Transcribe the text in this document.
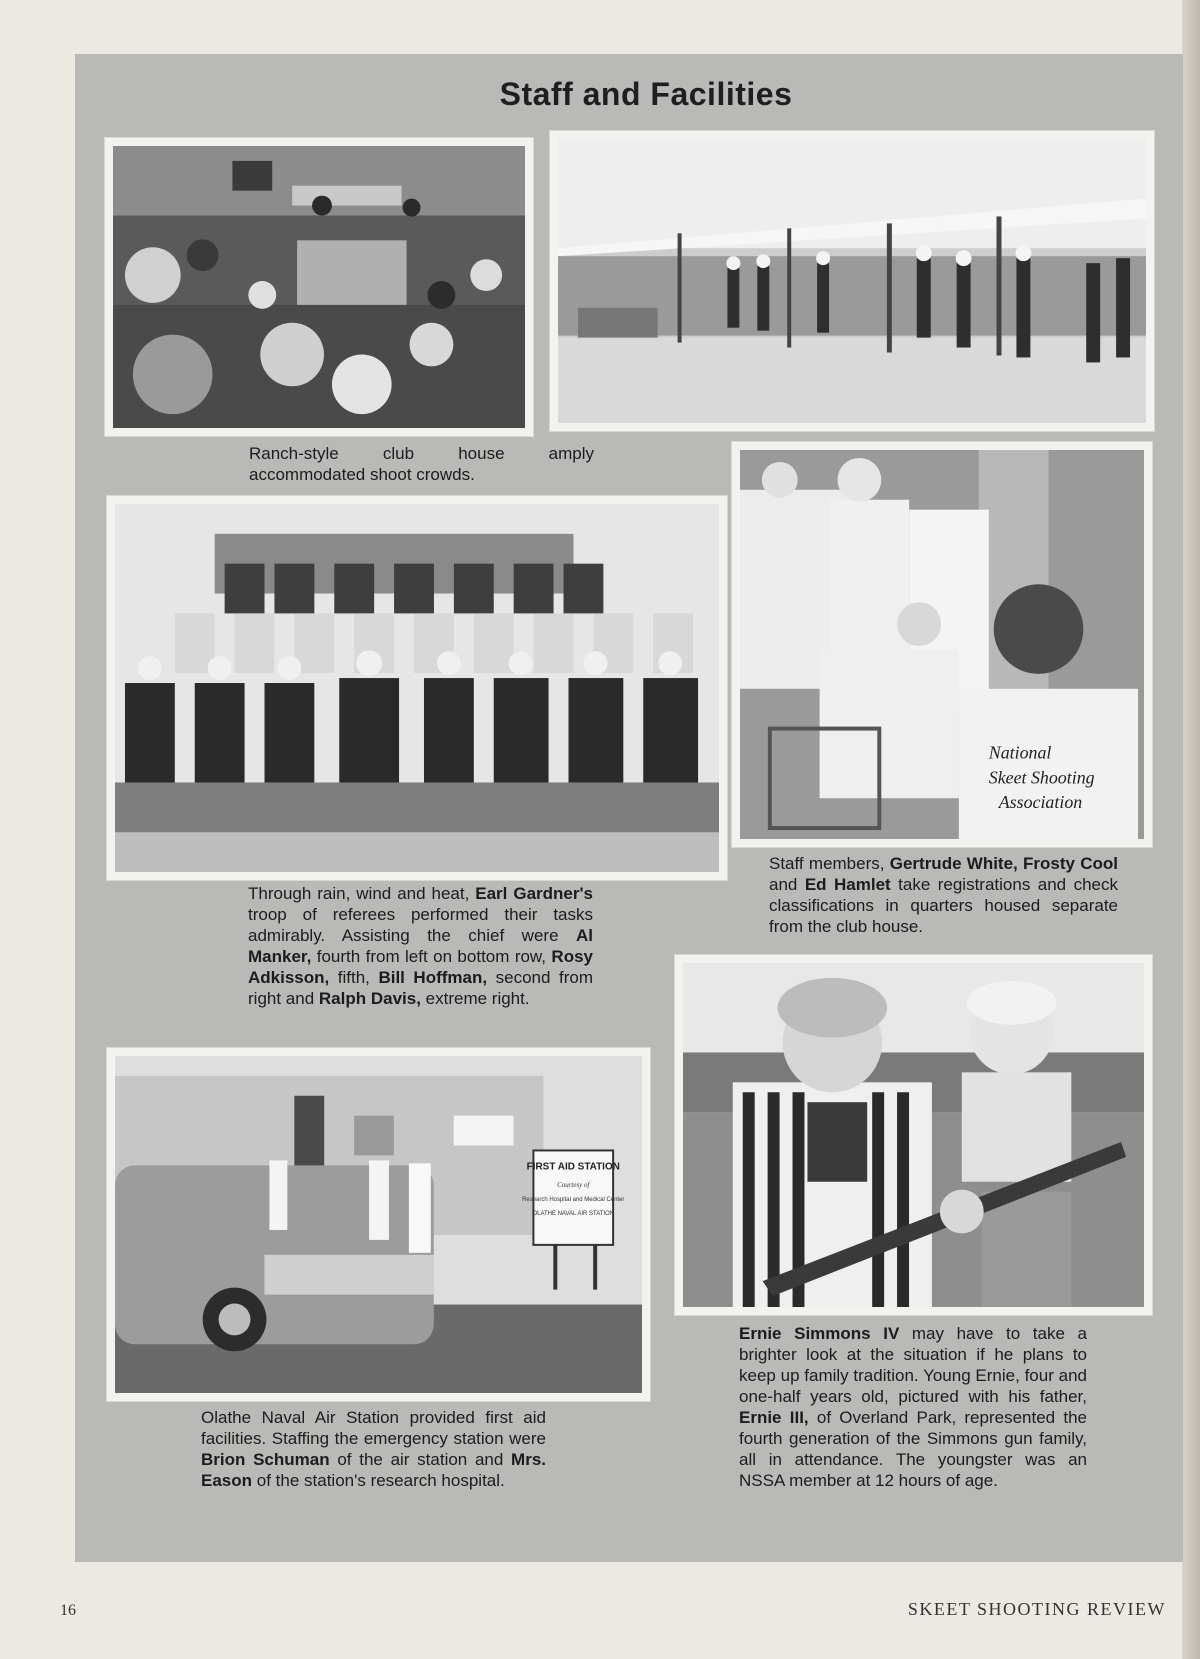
Staff and Facilities
Ranch-style club house amply accommodated shoot crowds.
National
Skeet Shooting
Association
Staff members, Gertrude White, Frosty Cool and Ed Hamlet take registrations and check classifications in quarters housed separate from the club house.
Through rain, wind and heat, Earl Gardner's troop of referees performed their tasks admirably. Assisting the chief were Al Manker, fourth from left on bottom row, Rosy Adkisson, fifth, Bill Hoffman, second from right and Ralph Davis, extreme right.
FIRST AID STATION
Courtesy of
Research Hospital and Medical Center
OLATHE NAVAL AIR STATION
Olathe Naval Air Station provided first aid facilities. Staffing the emergency station were Brion Schuman of the air station and Mrs. Eason of the station's research hospital.
Ernie Simmons IV may have to take a brighter look at the situation if he plans to keep up family tradition. Young Ernie, four and one-half years old, pictured with his father, Ernie III, of Overland Park, represented the fourth generation of the Simmons gun family, all in attendance. The youngster was an NSSA member at 12 hours of age.
16	SKEET SHOOTING REVIEW
